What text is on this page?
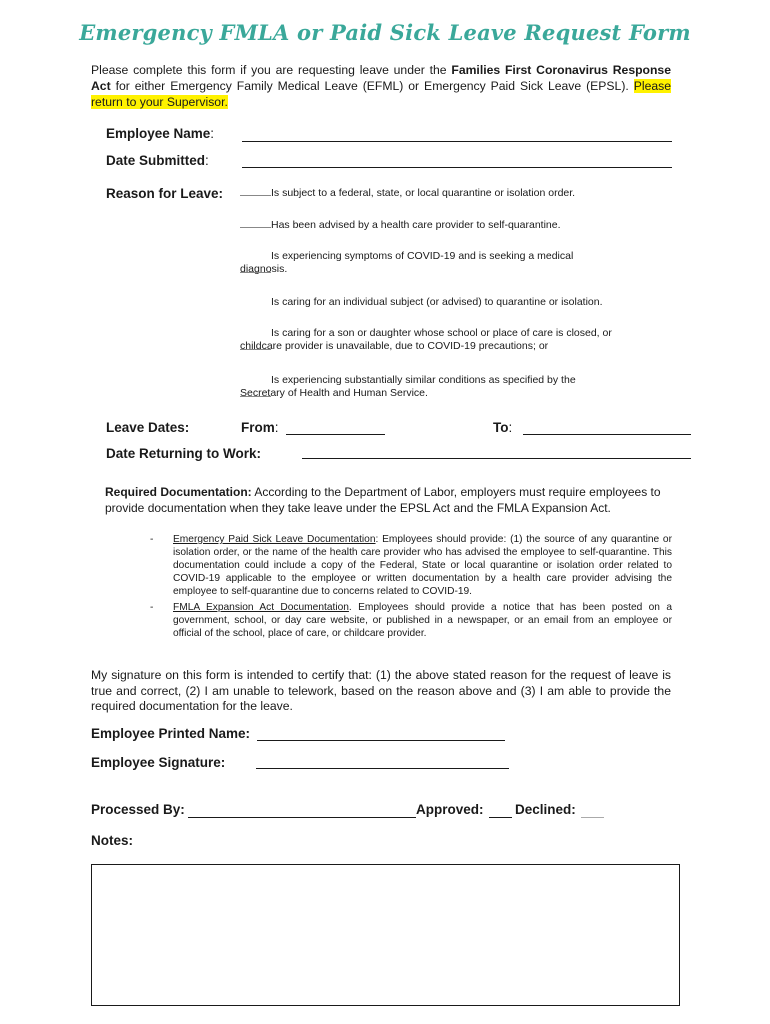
Emergency FMLA or Paid Sick Leave Request Form
Please complete this form if you are requesting leave under the Families First Coronavirus Response Act for either Emergency Family Medical Leave (EFML) or Emergency Paid Sick Leave (EPSL). Please return to your Supervisor.
Employee Name:
Date Submitted:
Reason for Leave:	Is subject to a federal, state, or local quarantine or isolation order.
Has been advised by a health care provider to self-quarantine.
Is experiencing symptoms of COVID-19 and is seeking a medical diagnosis.
Is caring for an individual subject (or advised) to quarantine or isolation.
Is caring for a son or daughter whose school or place of care is closed, or childcare provider is unavailable, due to COVID-19 precautions; or
Is experiencing substantially similar conditions as specified by the Secretary of Health and Human Service.
Leave Dates:	From:	To:
Date Returning to Work:
Required Documentation: According to the Department of Labor, employers must require employees to provide documentation when they take leave under the EPSL Act and the FMLA Expansion Act.
-	Emergency Paid Sick Leave Documentation: Employees should provide: (1) the source of any quarantine or isolation order, or the name of the health care provider who has advised the employee to self-quarantine. This documentation could include a copy of the Federal, State or local quarantine or isolation order related to COVID-19 applicable to the employee or written documentation by a health care provider advising the employee to self-quarantine due to concerns related to COVID-19.
-	FMLA Expansion Act Documentation. Employees should provide a notice that has been posted on a government, school, or day care website, or published in a newspaper, or an email from an employee or official of the school, place of care, or childcare provider.
My signature on this form is intended to certify that: (1) the above stated reason for the request of leave is true and correct, (2) I am unable to telework, based on the reason above and (3) I am able to provide the required documentation for the leave.
Employee Printed Name:
Employee Signature:
Processed By:	Approved: Declined:
Notes:
